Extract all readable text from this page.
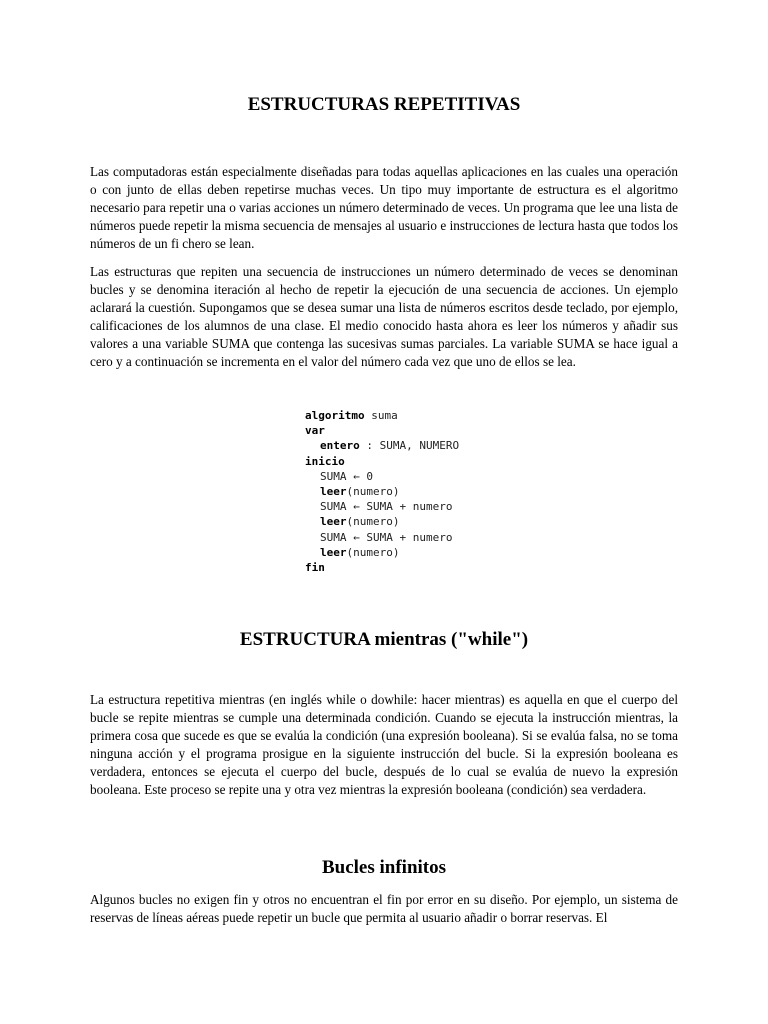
ESTRUCTURAS REPETITIVAS

Las computadoras están especialmente diseñadas para todas aquellas aplicaciones en las cuales una operación o con junto de ellas deben repetirse muchas veces. Un tipo muy importante de estructura es el algoritmo necesario para repetir una o varias acciones un número determinado de veces. Un programa que lee una lista de números puede repetir la misma secuencia de mensajes al usuario e instrucciones de lectura hasta que todos los números de un fi chero se lean.

Las estructuras que repiten una secuencia de instrucciones un número determinado de veces se denominan bucles y se denomina iteración al hecho de repetir la ejecución de una secuencia de acciones. Un ejemplo aclarará la cuestión. Supongamos que se desea sumar una lista de números escritos desde teclado, por ejemplo, calificaciones de los alumnos de una clase. El medio conocido hasta ahora es leer los números y añadir sus valores a una variable SUMA que contenga las sucesivas sumas parciales. La variable SUMA se hace igual a cero y a continuación se incrementa en el valor del número cada vez que uno de ellos se lea.

algoritmo suma
var
entero : SUMA, NUMERO
inicio
SUMA ← 0
leer(numero)
SUMA ← SUMA + numero
leer(numero)
SUMA ← SUMA + numero
leer(numero)
fin
ESTRUCTURA mientras ("while")

La estructura repetitiva mientras (en inglés while o dowhile: hacer mientras) es aquella en que el cuerpo del bucle se repite mientras se cumple una determinada condición. Cuando se ejecuta la instrucción mientras, la primera cosa que sucede es que se evalúa la condición (una expresión booleana). Si se evalúa falsa, no se toma ninguna acción y el programa prosigue en la siguiente instrucción del bucle. Si la expresión booleana es verdadera, entonces se ejecuta el cuerpo del bucle, después de lo cual se evalúa de nuevo la expresión booleana. Este proceso se repite una y otra vez mientras la expresión booleana (condición) sea verdadera.

Bucles infinitos

Algunos bucles no exigen fin y otros no encuentran el fin por error en su diseño. Por ejemplo, un sistema de reservas de líneas aéreas puede repetir un bucle que permita al usuario añadir o borrar reservas. El
